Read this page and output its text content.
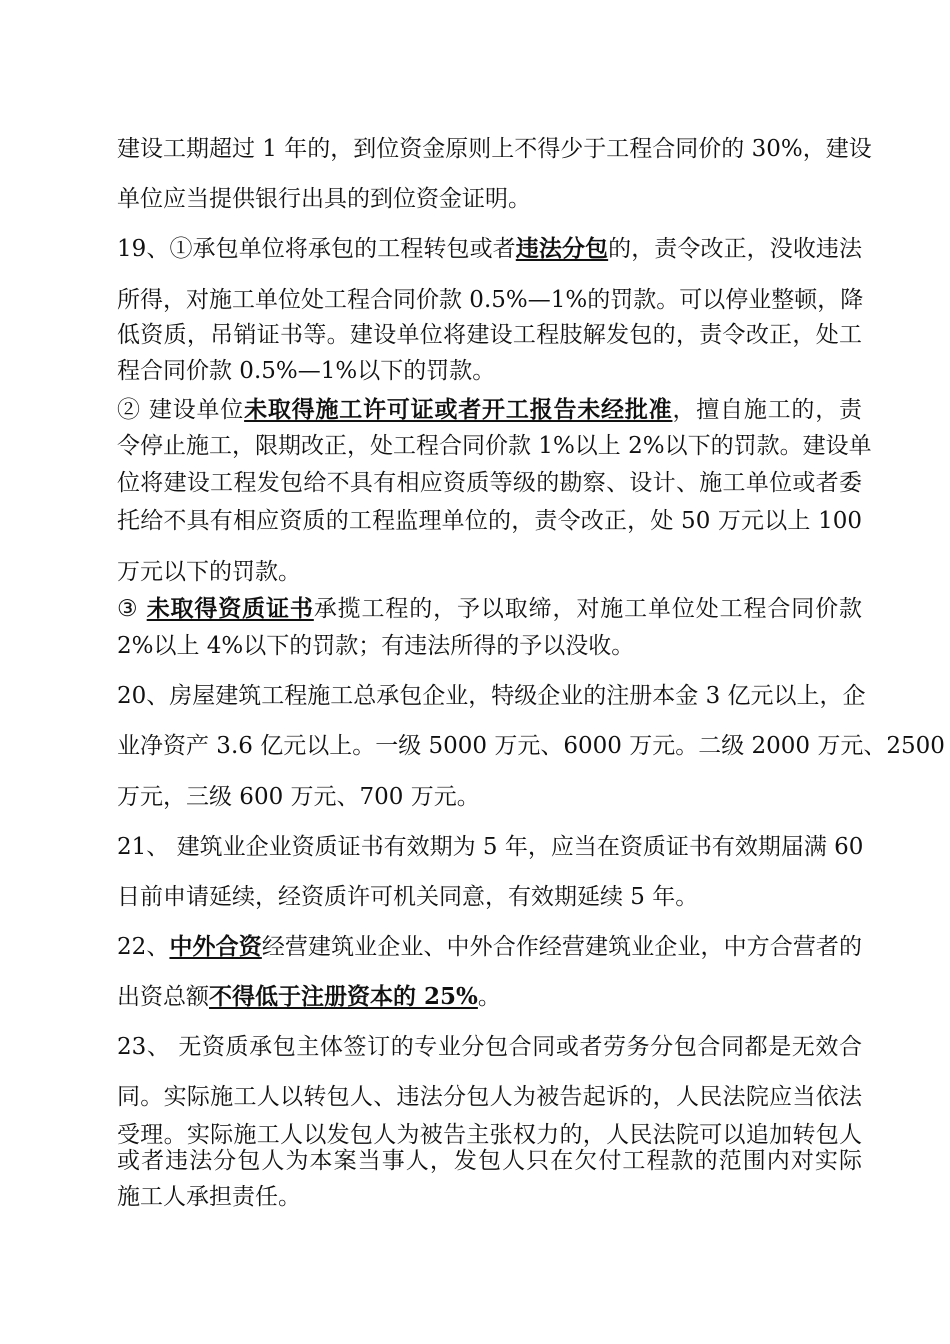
建设工期超过 1 年的，到位资金原则上不得少于工程合同价的 30%，建设
单位应当提供银行出具的到位资金证明。
19、①承包单位将承包的工程转包或者违法分包的，责令改正，没收违法
所得，对施工单位处工程合同价款 0.5%—1%的罚款。可以停业整顿，降
低资质，吊销证书等。建设单位将建设工程肢解发包的，责令改正，处工
程合同价款 0.5%—1%以下的罚款。
② 建设单位未取得施工许可证或者开工报告未经批准，擅自施工的，责
令停止施工，限期改正，处工程合同价款 1%以上 2%以下的罚款。建设单
位将建设工程发包给不具有相应资质等级的勘察、设计、施工单位或者委
托给不具有相应资质的工程监理单位的，责令改正，处 50 万元以上 100
万元以下的罚款。
③ 未取得资质证书承揽工程的，予以取缔，对施工单位处工程合同价款
2%以上 4%以下的罚款；有违法所得的予以没收。
20、房屋建筑工程施工总承包企业，特级企业的注册本金 3 亿元以上，企
业净资产 3.6 亿元以上。一级 5000 万元、6000 万元。二级 2000 万元、2500
万元，三级 600 万元、700 万元。
21、 建筑业企业资质证书有效期为 5 年，应当在资质证书有效期届满 60
日前申请延续，经资质许可机关同意，有效期延续 5 年。
22、中外合资经营建筑业企业、中外合作经营建筑业企业，中方合营者的
出资总额不得低于注册资本的 25%。
23、 无资质承包主体签订的专业分包合同或者劳务分包合同都是无效合
同。实际施工人以转包人、违法分包人为被告起诉的，人民法院应当依法
受理。实际施工人以发包人为被告主张权力的，人民法院可以追加转包人
或者违法分包人为本案当事人，发包人只在欠付工程款的范围内对实际
施工人承担责任。
